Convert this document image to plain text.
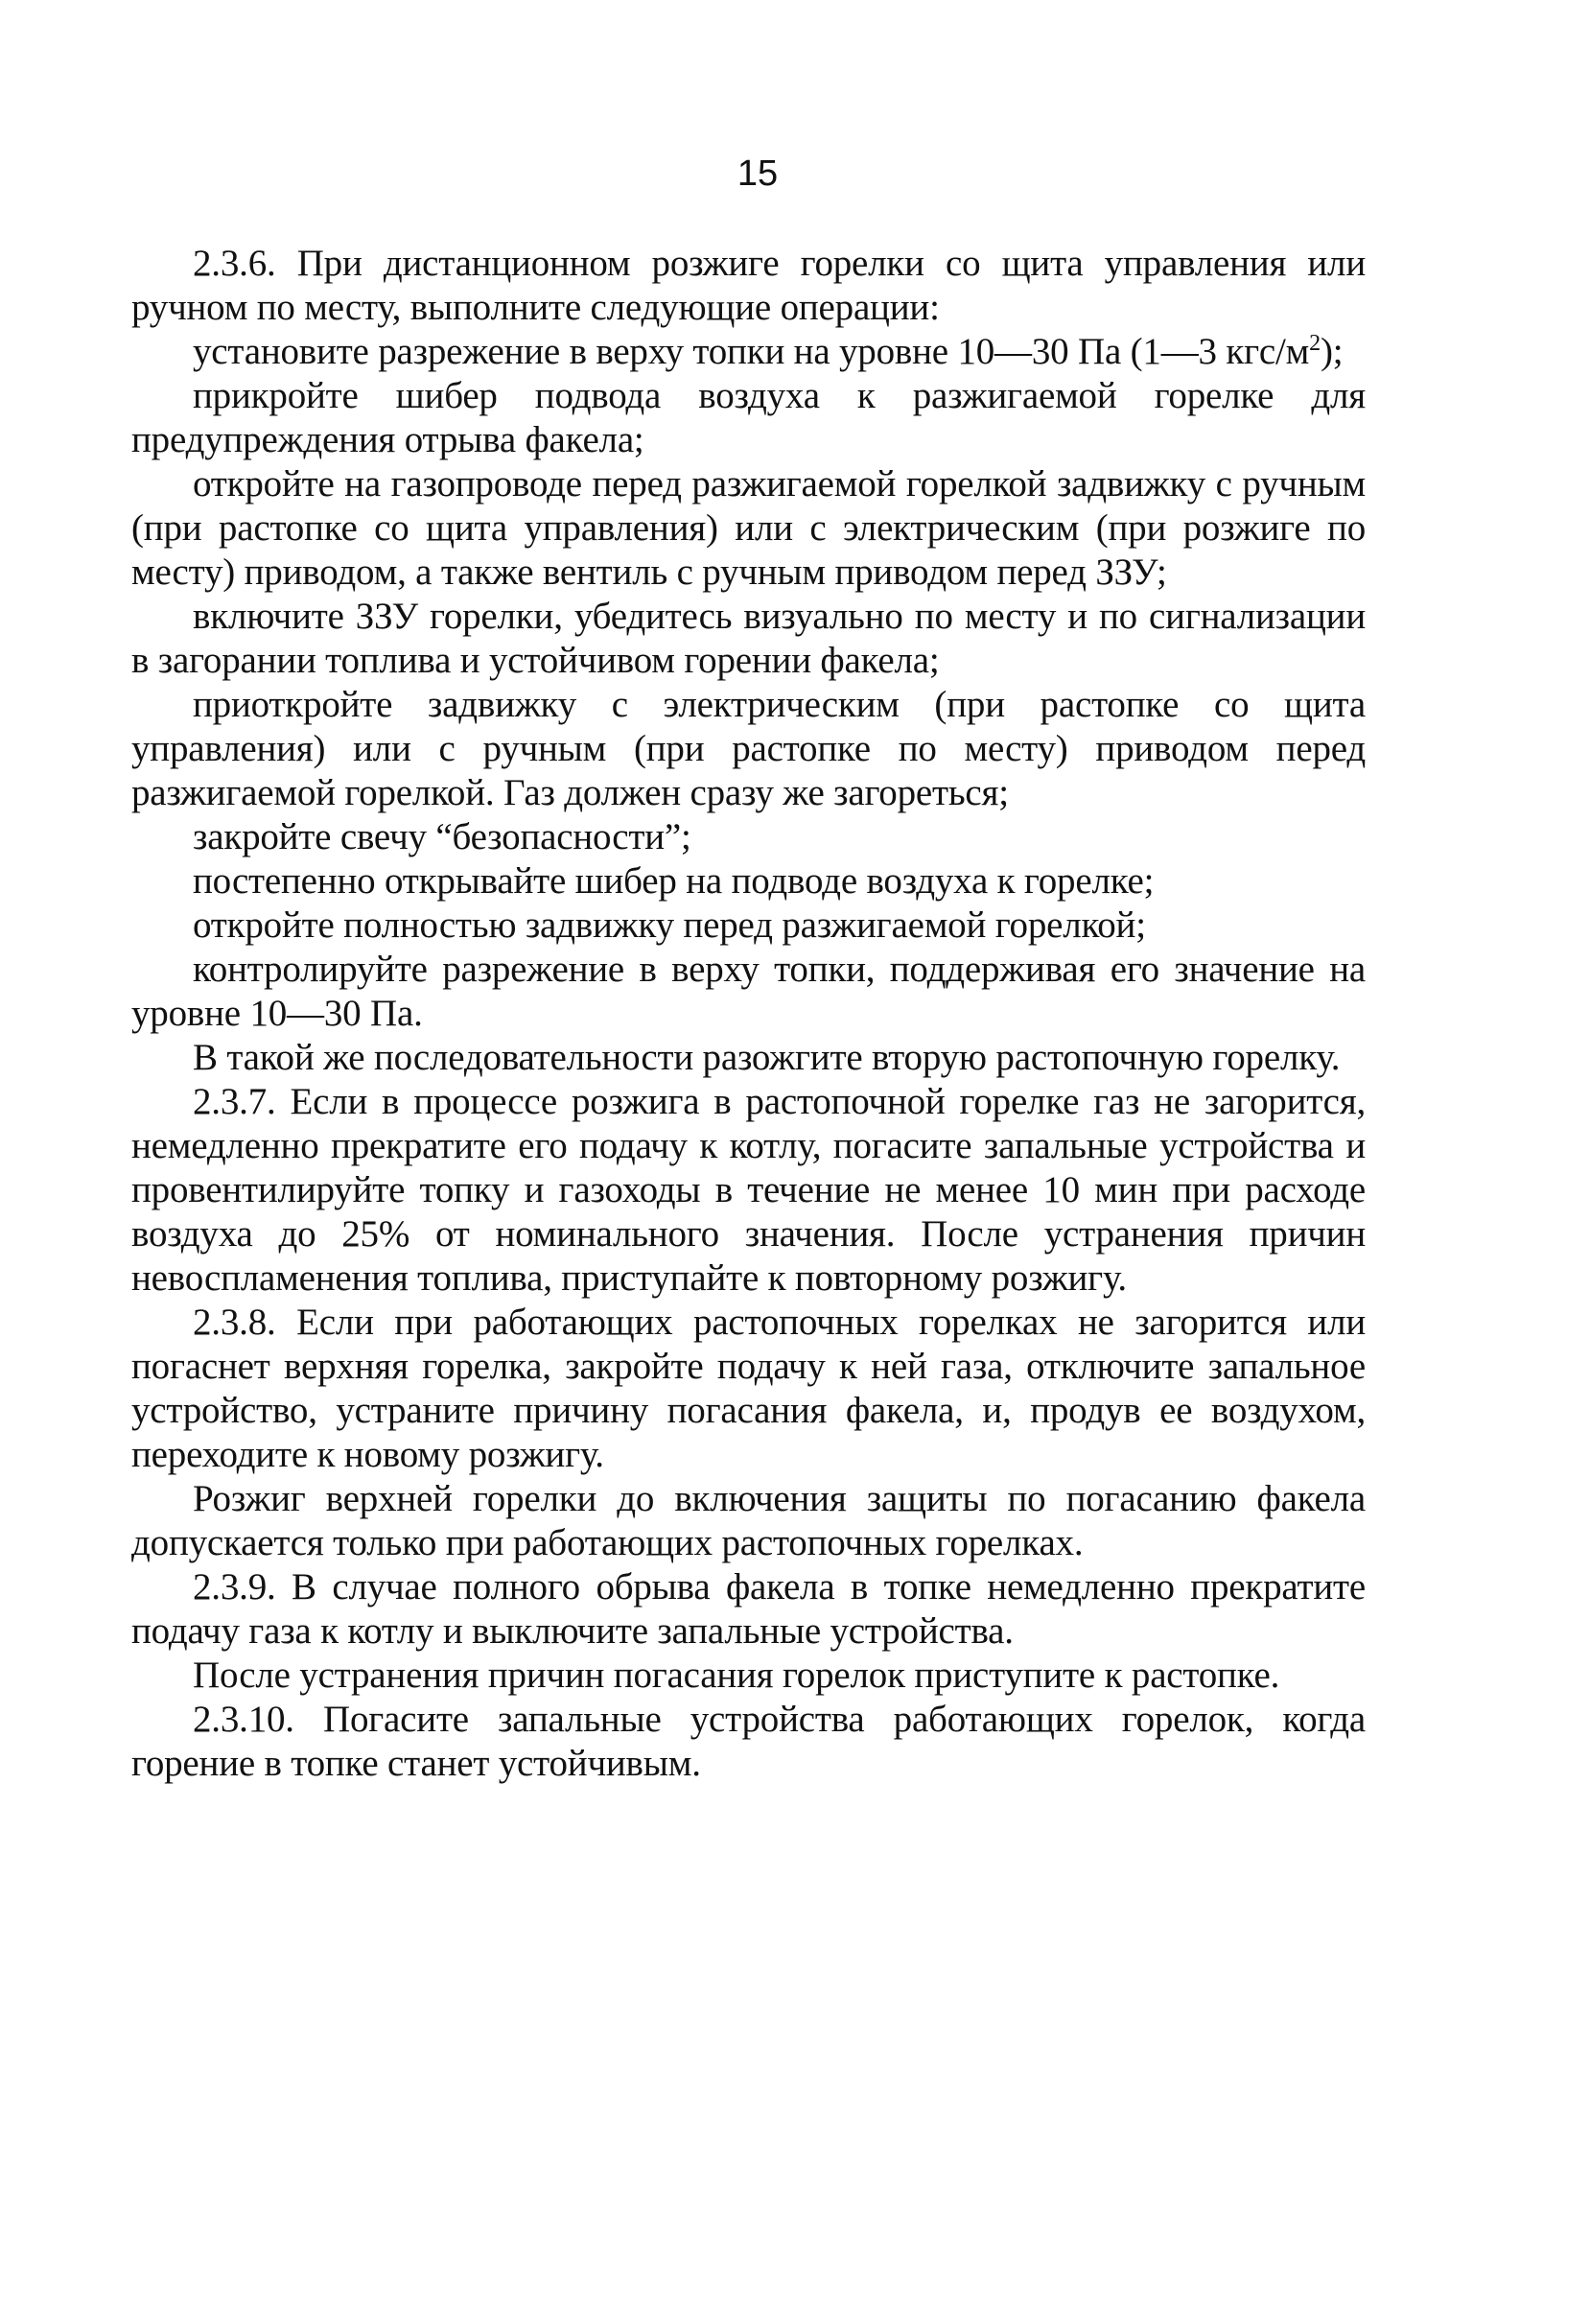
15

2.3.6. При дистанционном розжиге горелки со щита управления или ручном по месту, выполните следующие операции:

установите разрежение в верху топки на уровне 10—30 Па (1—3 кгс/$м^2$);

прикройте шибер подвода воздуха к разжигаемой горелке для предупреждения отрыва факела;

откройте на газопроводе перед разжигаемой горелкой задвижку с ручным (при растопке со щита управления) или с электрическим (при розжиге по месту) приводом, а также вентиль с ручным приводом перед ЗЗУ;

включите ЗЗУ горелки, убедитесь визуально по месту и по сигнализации в загорании топлива и устойчивом горении факела;

приоткройте задвижку с электрическим (при растопке со щита управления) или с ручным (при растопке по месту) приводом перед разжигаемой горелкой. Газ должен сразу же загореться;

закройте свечу “безопасности”;

постепенно открывайте шибер на подводе воздуха к горелке;

откройте полностью задвижку перед разжигаемой горелкой;

контролируйте разрежение в верху топки, поддерживая его значение на уровне 10—30 Па.

В такой же последовательности разожгите вторую растопочную горелку.

2.3.7. Если в процессе розжига в растопочной горелке газ не загорится, немедленно прекратите его подачу к котлу, погасите запальные устройства и провентилируйте топку и газоходы в течение не менее 10 мин при расходе воздуха до 25% от номинального значения. После устранения причин невоспламенения топлива, приступайте к повторному розжигу.

2.3.8. Если при работающих растопочных горелках не загорится или погаснет верхняя горелка, закройте подачу к ней газа, отключите запальное устройство, устраните причину погасания факела, и, продув ее воздухом, переходите к новому розжигу.

Розжиг верхней горелки до включения защиты по погасанию факела допускается только при работающих растопочных горелках.

2.3.9. В случае полного обрыва факела в топке немедленно прекратите подачу газа к котлу и выключите запальные устройства.

После устранения причин погасания горелок приступите к растопке.

2.3.10. Погасите запальные устройства работающих горелок, когда горение в топке станет устойчивым.
